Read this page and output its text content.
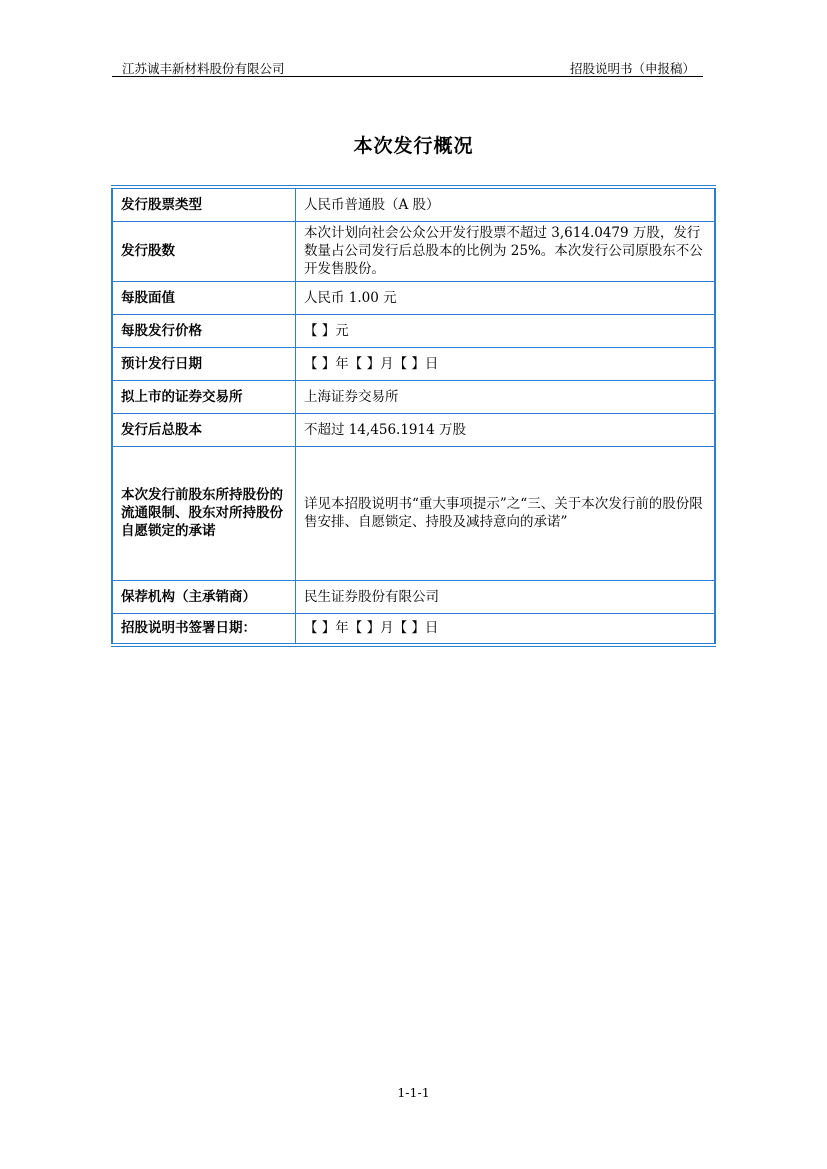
江苏诚丰新材料股份有限公司	招股说明书（申报稿）
本次发行概况
发行股票类型	人民币普通股（A 股）
发行股数	本次计划向社会公众公开发行股票不超过 3,614.0479 万股，发行数量占公司发行后总股本的比例为 25%。本次发行公司原股东不公开发售股份。
每股面值	人民币 1.00 元
每股发行价格	【 】元
预计发行日期	【 】年【 】月【 】日
拟上市的证券交易所	上海证券交易所
发行后总股本	不超过 14,456.1914 万股
本次发行前股东所持股份的流通限制、股东对所持股份自愿锁定的承诺	详见本招股说明书“重大事项提示”之“三、关于本次发行前的股份限售安排、自愿锁定、持股及减持意向的承诺”
保荐机构（主承销商）	民生证券股份有限公司
招股说明书签署日期：	【 】年【 】月【 】日
1-1-1
